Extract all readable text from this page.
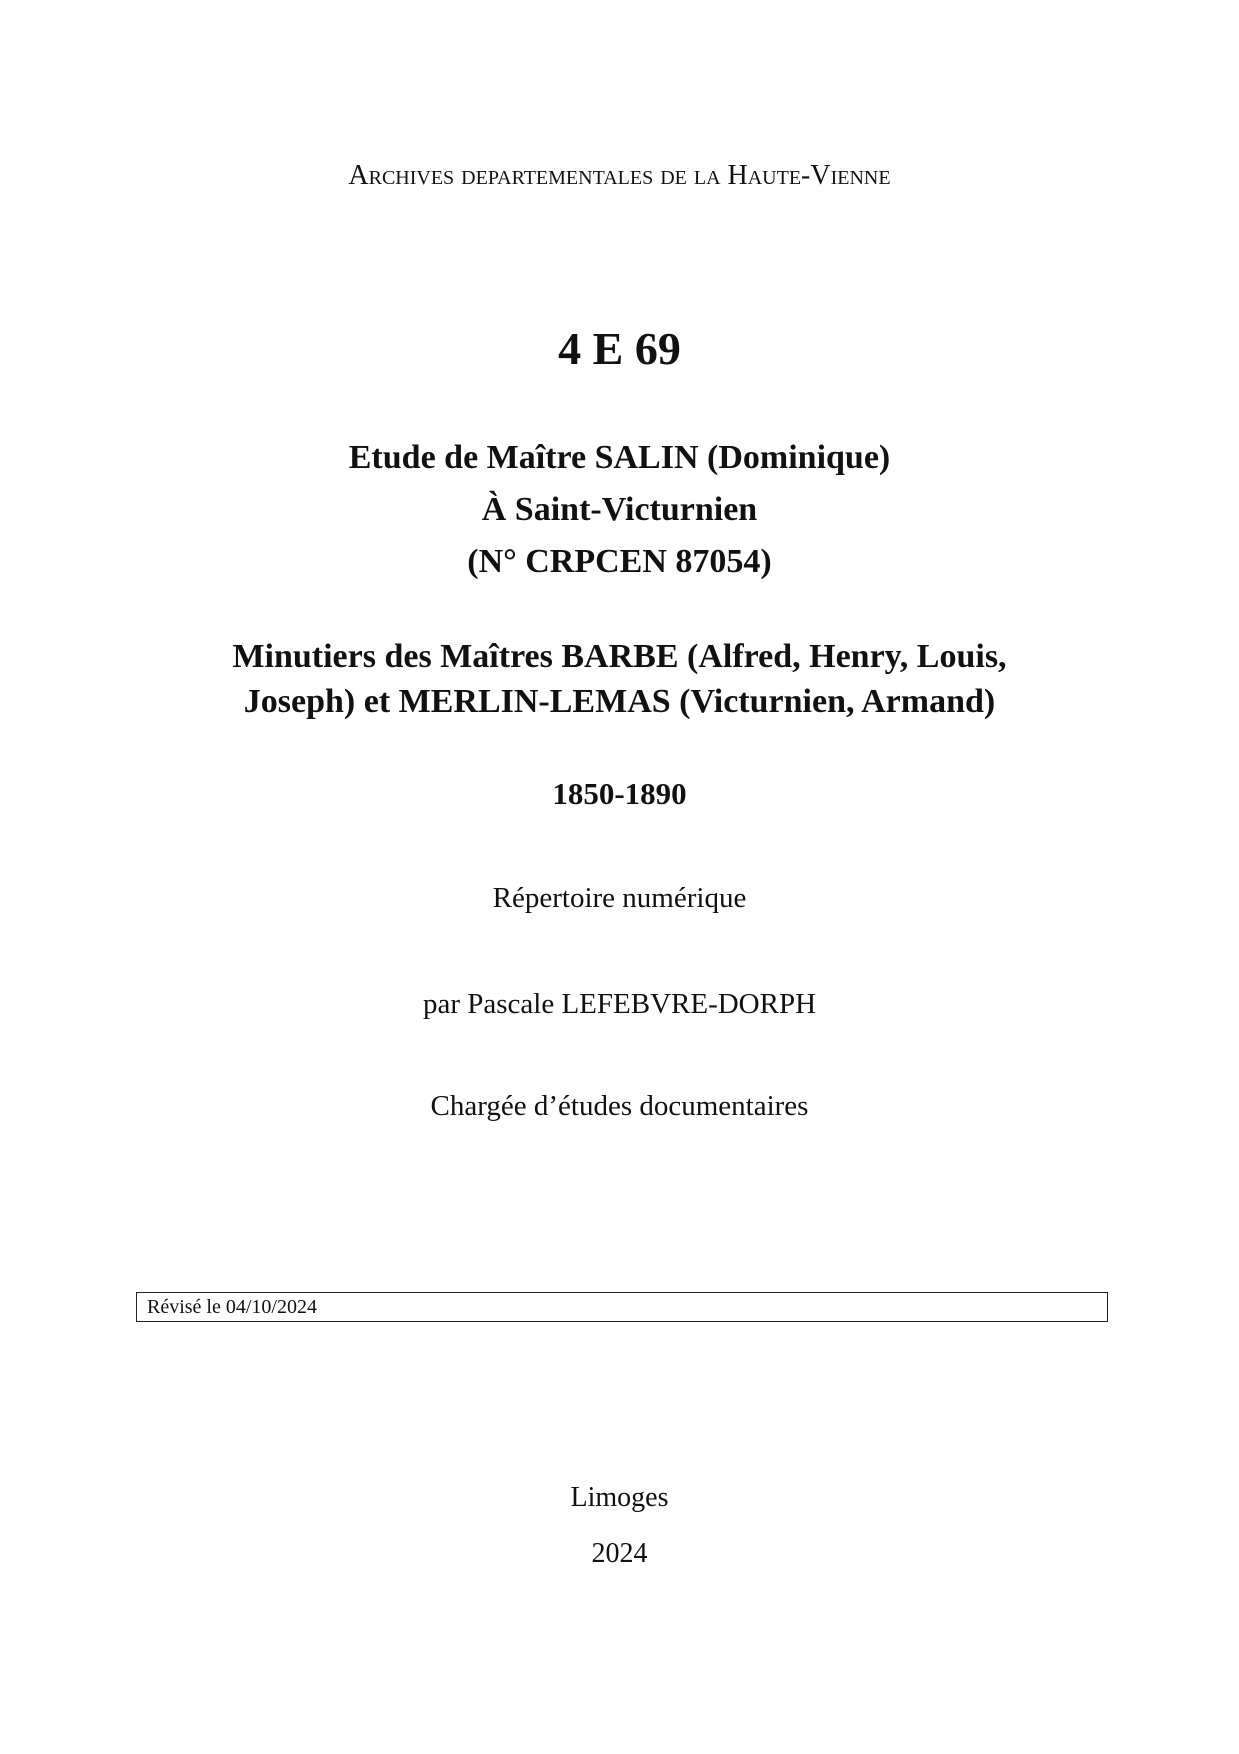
Archives departementales de la Haute-Vienne
4 E 69
Etude de Maître SALIN (Dominique)
À Saint-Victurnien
(N° CRPCEN 87054)
Minutiers des Maîtres BARBE (Alfred, Henry, Louis,
Joseph) et MERLIN-LEMAS (Victurnien, Armand)
1850-1890
Répertoire numérique
par Pascale LEFEBVRE-DORPH
Chargée d’études documentaires
Révisé le 04/10/2024
Limoges
2024
